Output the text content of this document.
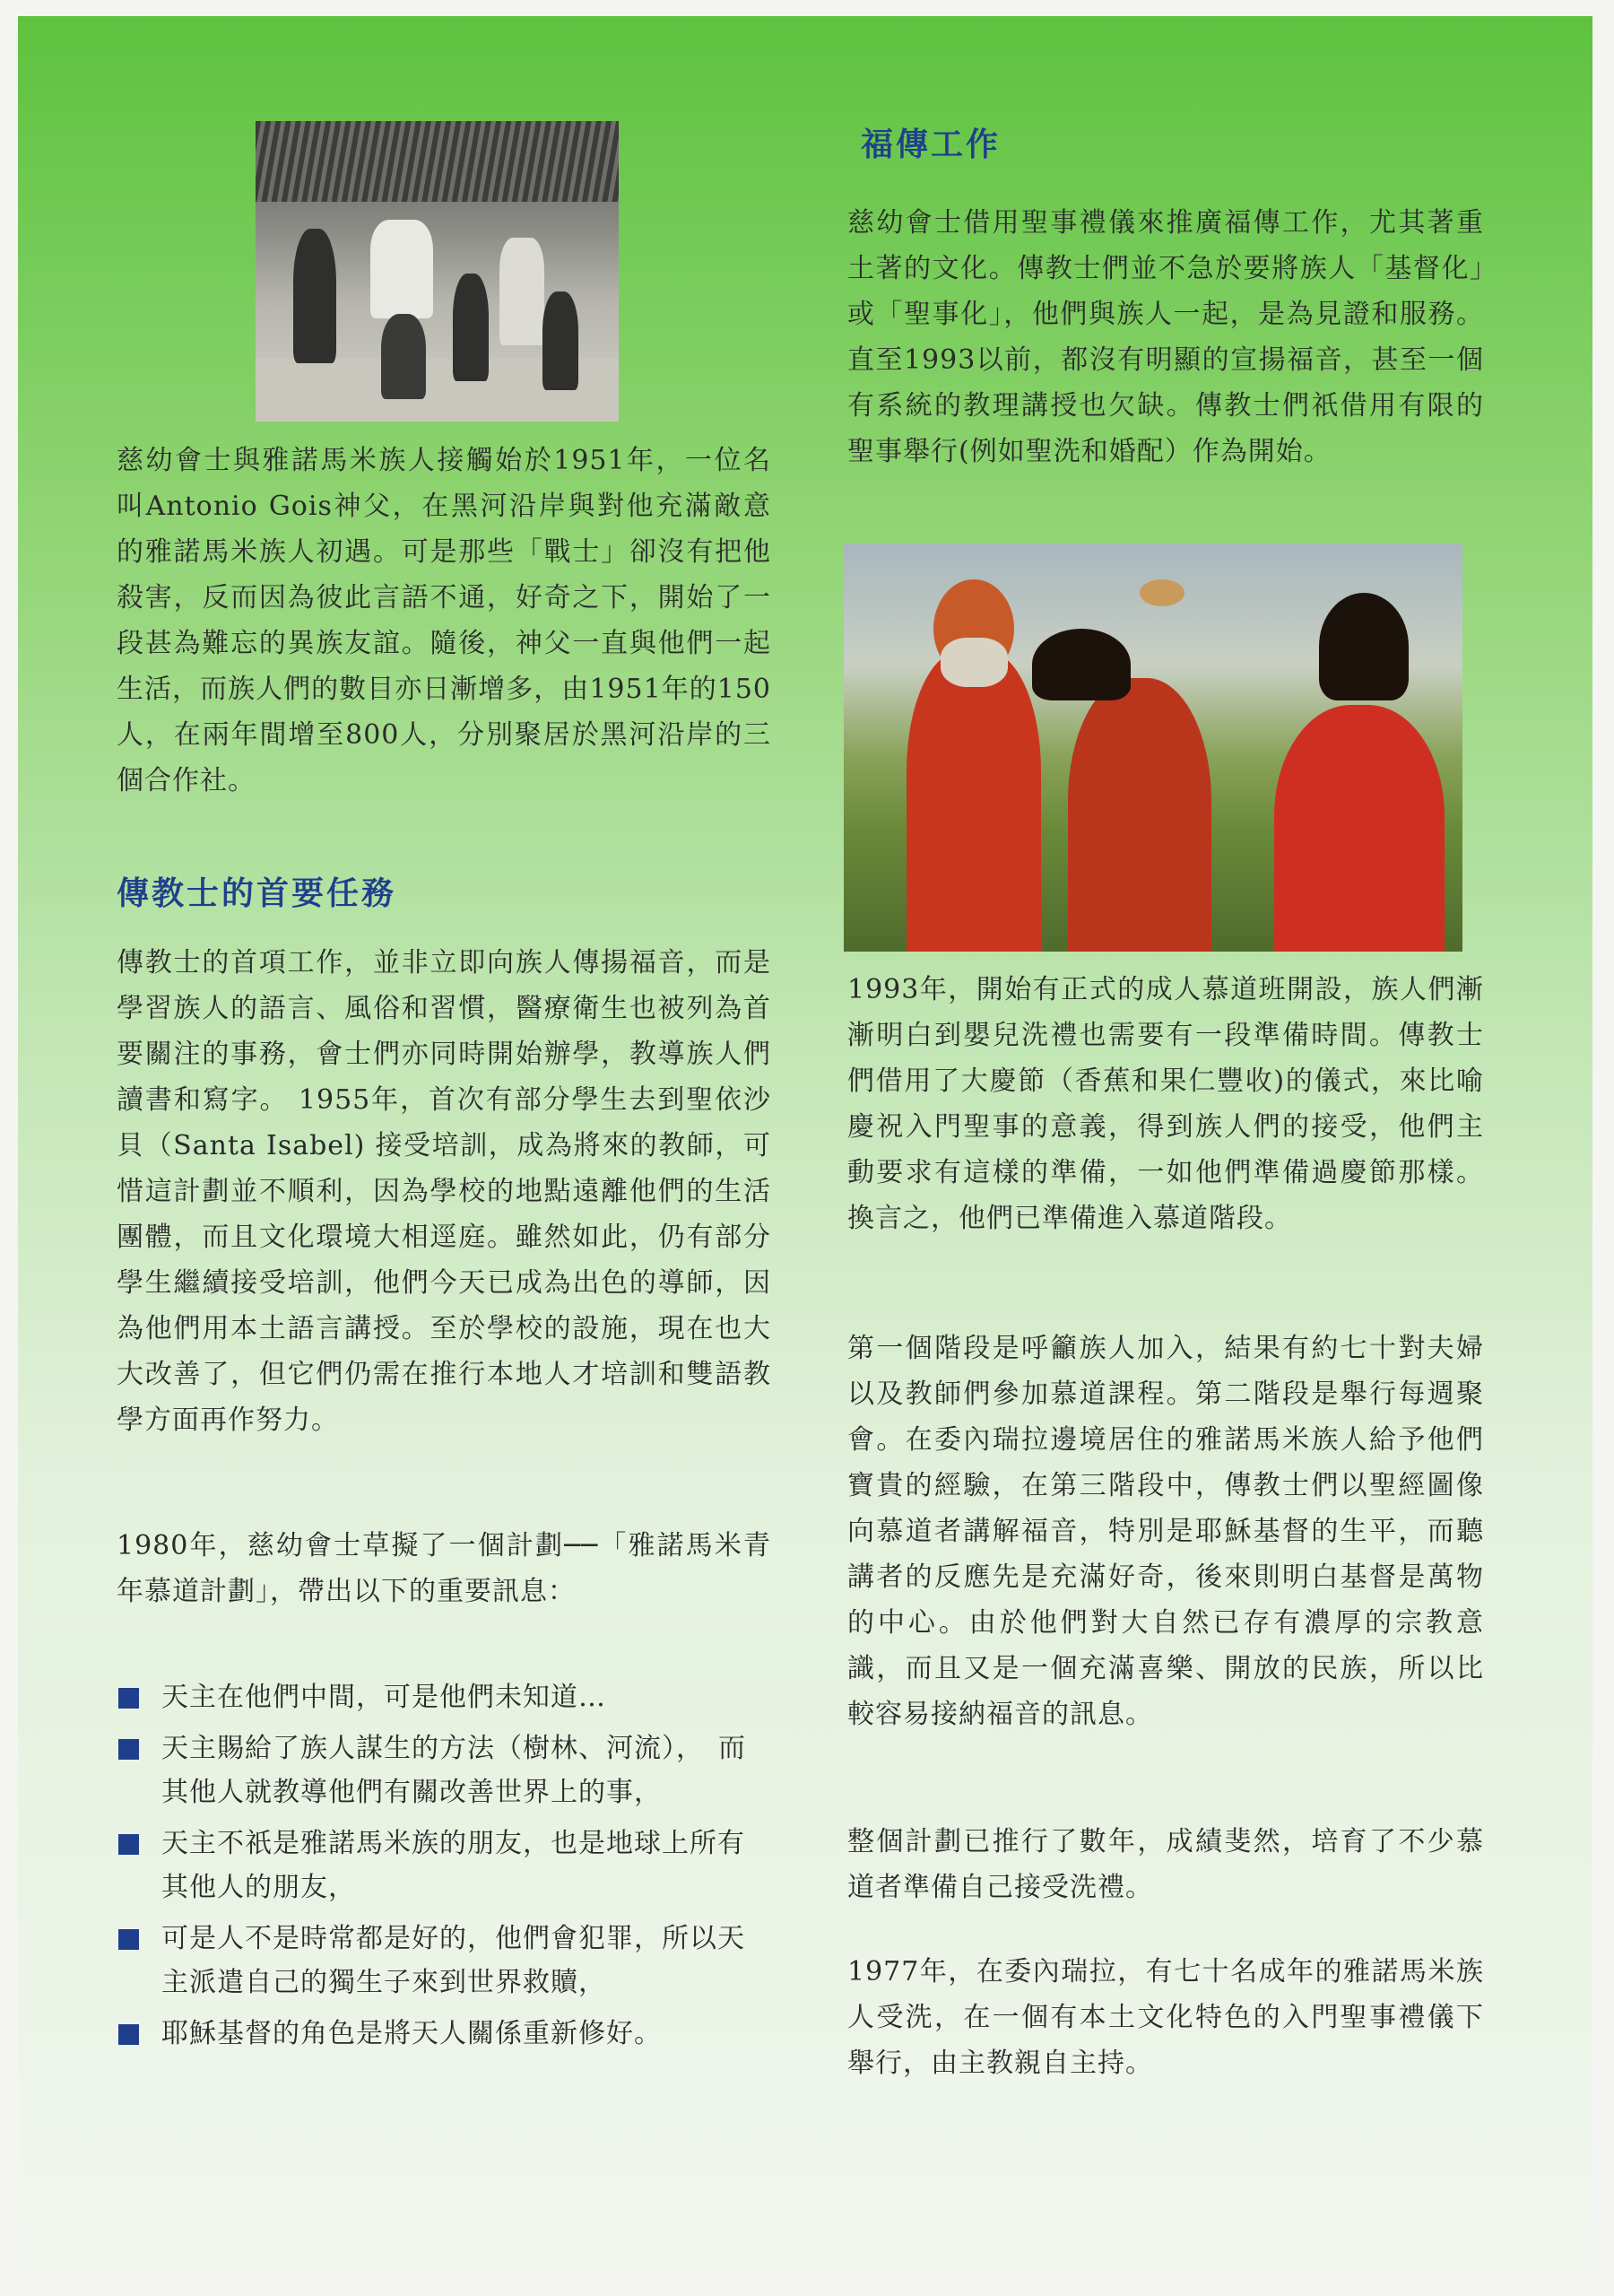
慈幼會士與雅諾馬米族人接觸始於1951年，一位名叫Antonio Gois神父，在黑河沿岸與對他充滿敵意的雅諾馬米族人初遇。可是那些「戰士」卻沒有把他殺害，反而因為彼此言語不通，好奇之下，開始了一段甚為難忘的異族友誼。隨後，神父一直與他們一起生活，而族人們的數目亦日漸增多，由1951年的150人，在兩年間增至800人，分別聚居於黑河沿岸的三個合作社。

傳教士的首要任務

傳教士的首項工作，並非立即向族人傳揚福音，而是學習族人的語言、風俗和習慣，醫療衛生也被列為首要關注的事務，會士們亦同時開始辦學，教導族人們讀書和寫字。 1955年，首次有部分學生去到聖依沙貝（Santa Isabel) 接受培訓，成為將來的教師，可惜這計劃並不順利，因為學校的地點遠離他們的生活團體，而且文化環境大相逕庭。雖然如此，仍有部分學生繼續接受培訓，他們今天已成為出色的導師，因為他們用本土語言講授。至於學校的設施，現在也大大改善了，但它們仍需在推行本地人才培訓和雙語教學方面再作努力。

1980年，慈幼會士草擬了一個計劃──「雅諾馬米青年慕道計劃」，帶出以下的重要訊息：

天主在他們中間，可是他們未知道…
天主賜給了族人謀生的方法（樹林、河流），　而其他人就教導他們有關改善世界上的事，
天主不祇是雅諾馬米族的朋友，也是地球上所有其他人的朋友，
可是人不是時常都是好的，他們會犯罪，所以天主派遣自己的獨生子來到世界救贖，
耶穌基督的角色是將天人關係重新修好。
福傳工作

慈幼會士借用聖事禮儀來推廣福傳工作，尤其著重土著的文化。傳教士們並不急於要將族人「基督化」或「聖事化」，他們與族人一起，是為見證和服務。直至1993以前，都沒有明顯的宣揚福音，甚至一個有系統的教理講授也欠缺。傳教士們祇借用有限的聖事舉行(例如聖洗和婚配）作為開始。

1993年，開始有正式的成人慕道班開設，族人們漸漸明白到嬰兒洗禮也需要有一段準備時間。傳教士們借用了大慶節（香蕉和果仁豐收)的儀式，來比喻慶祝入門聖事的意義，得到族人們的接受，他們主動要求有這樣的準備，一如他們準備過慶節那樣。換言之，他們已準備進入慕道階段。

第一個階段是呼籲族人加入，結果有約七十對夫婦以及教師們參加慕道課程。第二階段是舉行每週聚會。在委內瑞拉邊境居住的雅諾馬米族人給予他們寶貴的經驗，在第三階段中，傳教士們以聖經圖像向慕道者講解福音，特別是耶穌基督的生平，而聽講者的反應先是充滿好奇，後來則明白基督是萬物的中心。由於他們對大自然已存有濃厚的宗教意識，而且又是一個充滿喜樂、開放的民族，所以比較容易接納福音的訊息。

整個計劃已推行了數年，成績斐然，培育了不少慕道者準備自己接受洗禮。

1977年，在委內瑞拉，有七十名成年的雅諾馬米族人受洗，在一個有本土文化特色的入門聖事禮儀下舉行，由主教親自主持。
